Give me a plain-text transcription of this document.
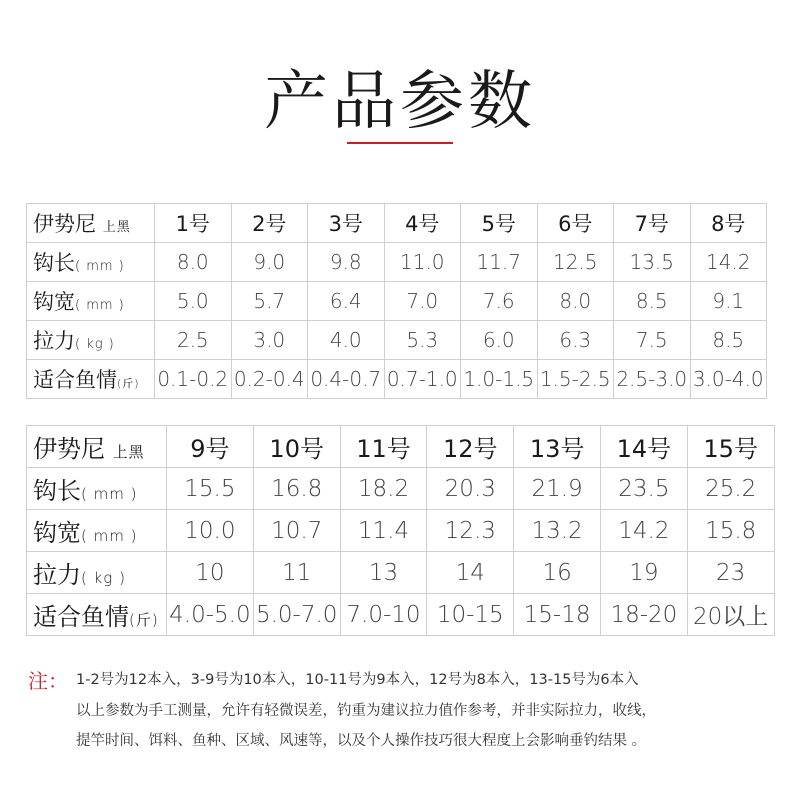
产品参数
伊势尼 上黑	1号	2号	3号	4号	5号	6号	7号	8号
钩长( mm )	8.0	9.0	9.8	11.0	11.7	12.5	13.5	14.2
钩宽( mm )	5.0	5.7	6.4	7.0	7.6	8.0	8.5	9.1
拉力( kg )	2.5	3.0	4.0	5.3	6.0	6.3	7.5	8.5
适合鱼情(斤)	0.1-0.2	0.2-0.4	0.4-0.7	0.7-1.0	1.0-1.5	1.5-2.5	2.5-3.0	3.0-4.0
伊势尼 上黑	9号	10号	11号	12号	13号	14号	15号
钩长( mm )	15.5	16.8	18.2	20.3	21.9	23.5	25.2
钩宽( mm )	10.0	10.7	11.4	12.3	13.2	14.2	15.8
拉力( kg )	10	11	13	14	16	19	23
适合鱼情(斤)	4.0-5.0	5.0-7.0	7.0-10	10-15	15-18	18-20	20以上
注： 1-2号为12本入，3-9号为10本入，10-11号为9本入，12号为8本入，13-15号为6本入
以上参数为手工测量，允许有轻微误差，钓重为建议拉力值作参考，并非实际拉力，收线，
提竿时间、饵料、鱼种、区域、风速等，以及个人操作技巧很大程度上会影响垂钓结果 。
